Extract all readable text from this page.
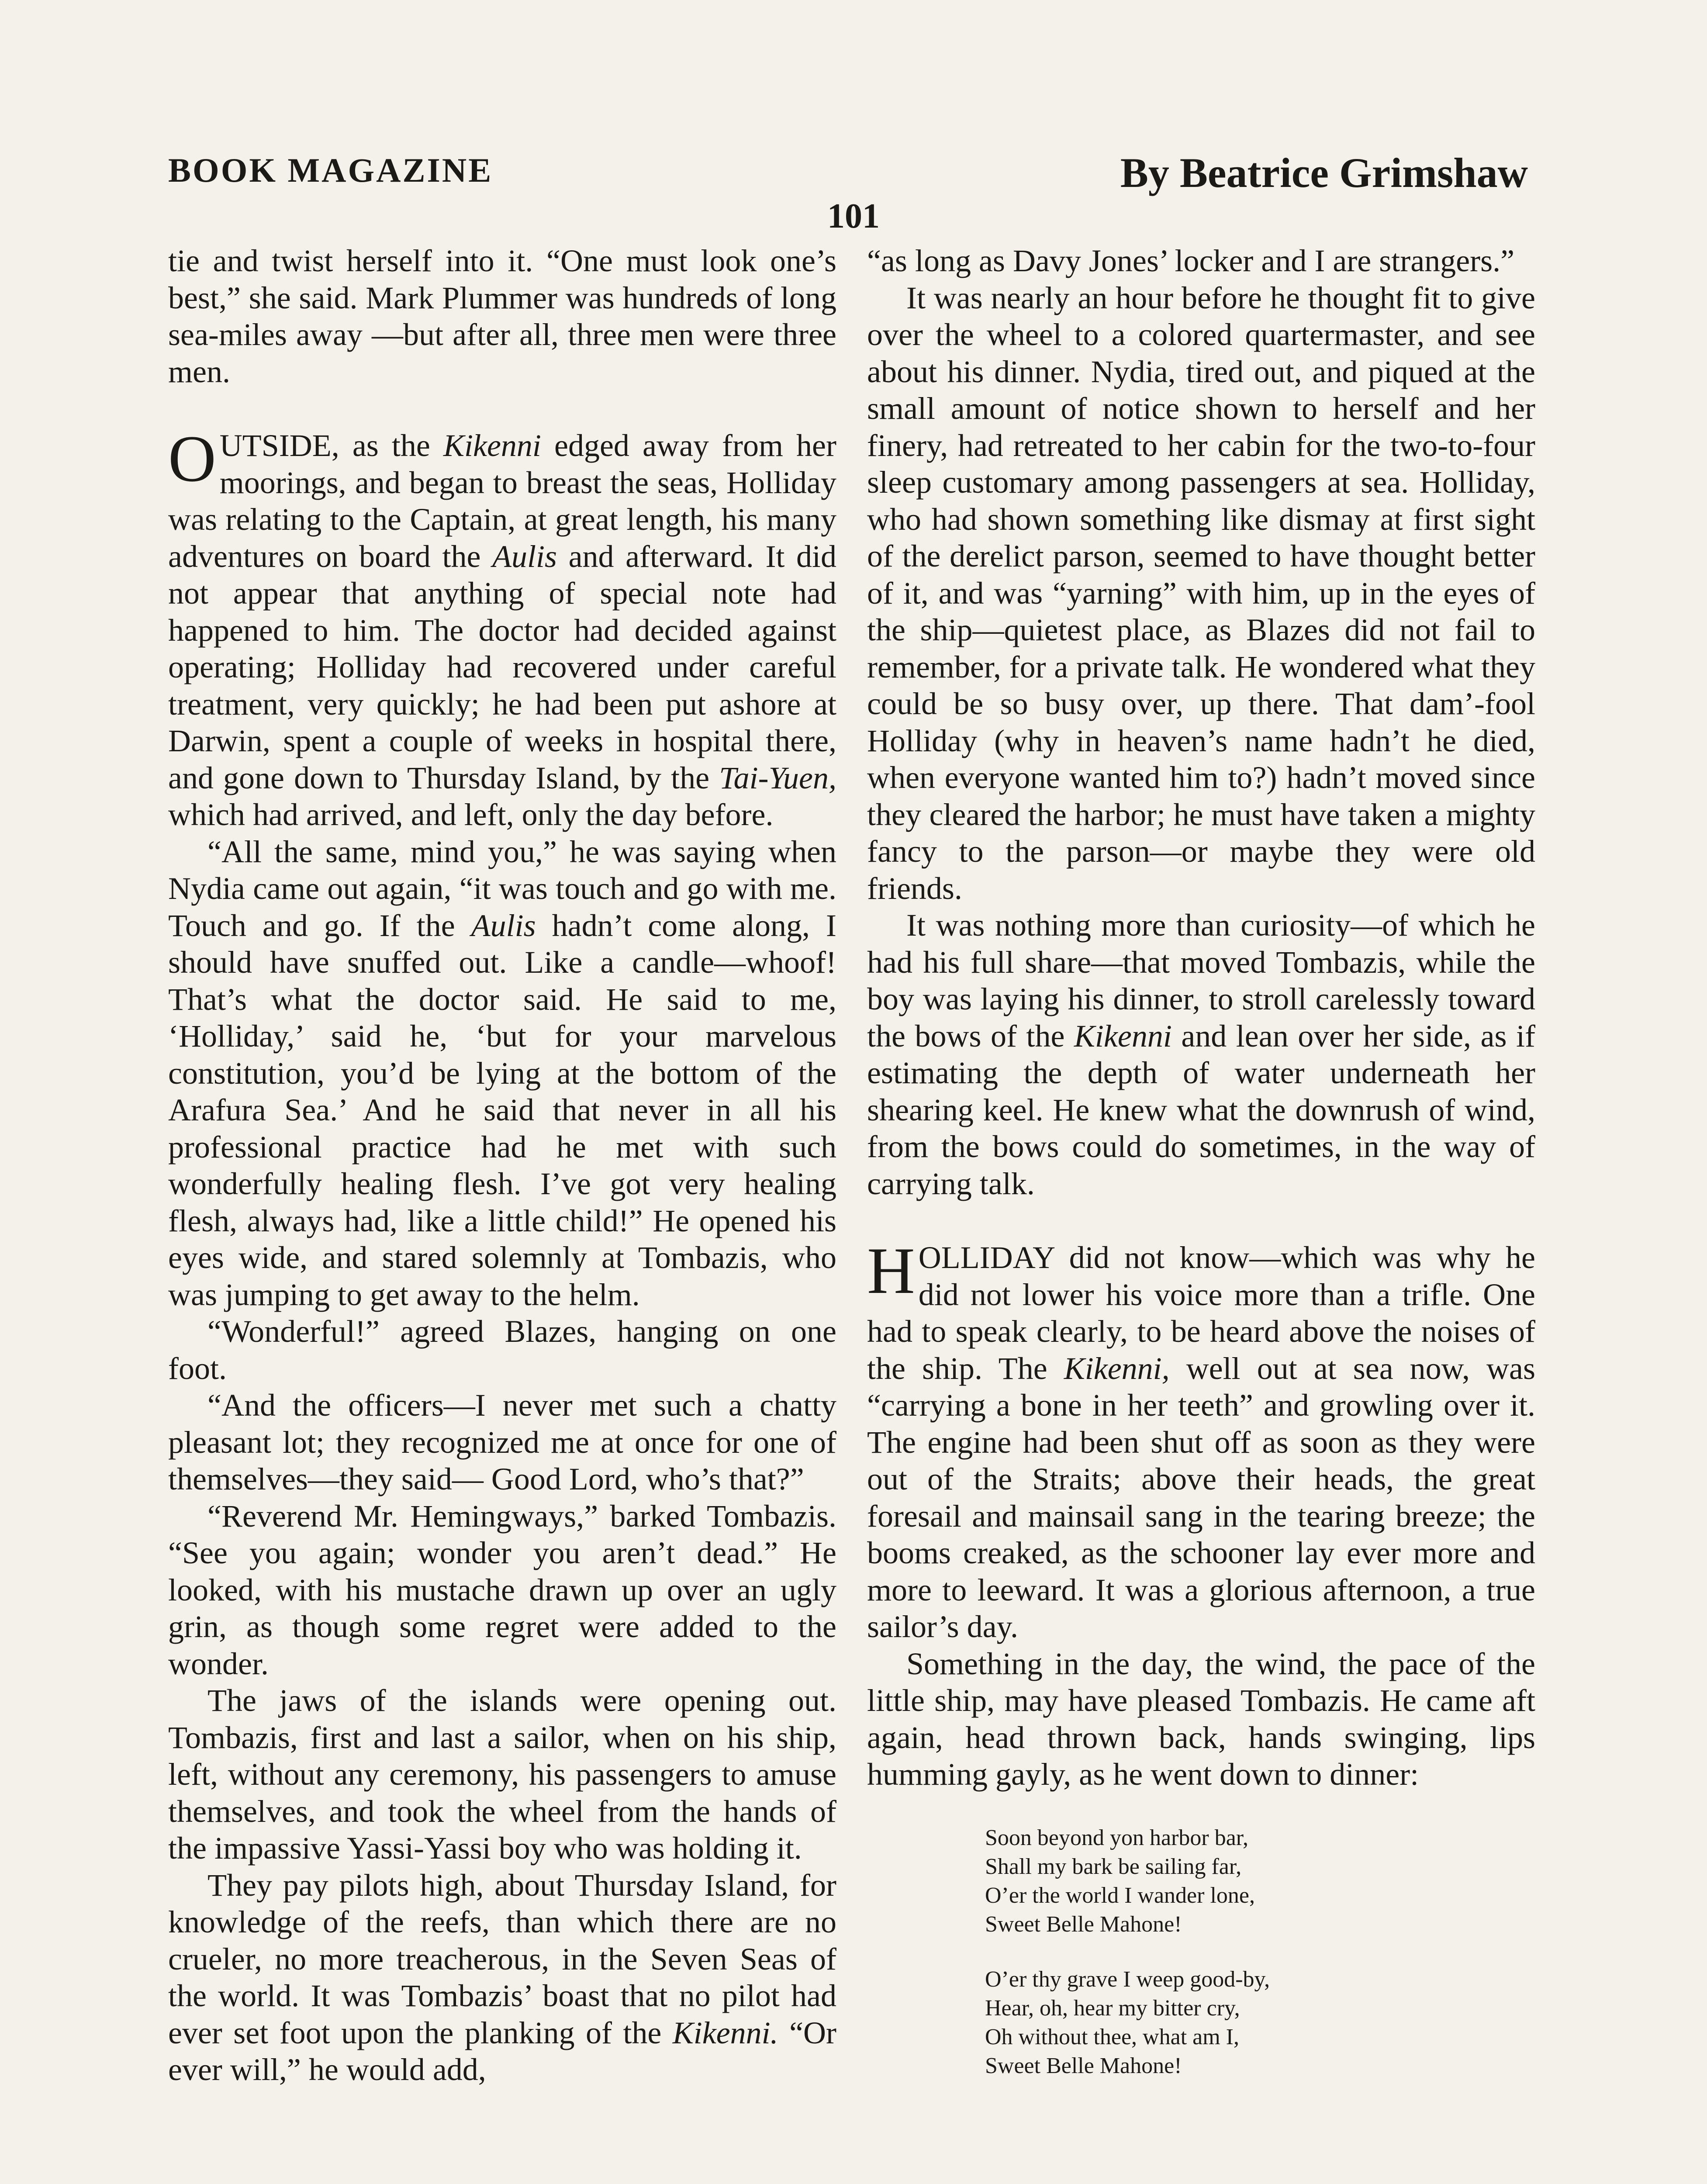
BOOK MAGAZINE	By Beatrice Grimshaw
101

tie and twist herself into it. “One must look one’s best,” she said. Mark Plummer was hundreds of long sea-miles away —but after all, three men were three men.

OUTSIDE, as the Kikenni edged away from her moorings, and began to breast the seas, Holliday was relating to the Captain, at great length, his many adventures on board the Aulis and afterward. It did not appear that anything of special note had happened to him. The doctor had decided against operating; Holliday had recovered under careful treatment, very quickly; he had been put ashore at Darwin, spent a couple of weeks in hospital there, and gone down to Thursday Island, by the Tai-Yuen, which had arrived, and left, only the day before.

“All the same, mind you,” he was saying when Nydia came out again, “it was touch and go with me. Touch and go. If the Aulis hadn’t come along, I should have snuffed out. Like a candle—whoof! That’s what the doctor said. He said to me, ‘Holliday,’ said he, ‘but for your marvelous constitution, you’d be lying at the bottom of the Arafura Sea.’ And he said that never in all his professional practice had he met with such wonderfully healing flesh. I’ve got very healing flesh, always had, like a little child!” He opened his eyes wide, and stared solemnly at Tombazis, who was jumping to get away to the helm.

“Wonderful!” agreed Blazes, hanging on one foot.

“And the officers—I never met such a chatty pleasant lot; they recognized me at once for one of themselves—they said— Good Lord, who’s that?”

“Reverend Mr. Hemingways,” barked Tombazis. “See you again; wonder you aren’t dead.” He looked, with his mustache drawn up over an ugly grin, as though some regret were added to the wonder.

The jaws of the islands were opening out. Tombazis, first and last a sailor, when on his ship, left, without any ceremony, his passengers to amuse themselves, and took the wheel from the hands of the impassive Yassi-Yassi boy who was holding it.

They pay pilots high, about Thursday Island, for knowledge of the reefs, than which there are no crueler, no more treacherous, in the Seven Seas of the world. It was Tombazis’ boast that no pilot had ever set foot upon the planking of the Kikenni. “Or ever will,” he would add,

“as long as Davy Jones’ locker and I are strangers.”

It was nearly an hour before he thought fit to give over the wheel to a colored quartermaster, and see about his dinner. Nydia, tired out, and piqued at the small amount of notice shown to herself and her finery, had retreated to her cabin for the two-to-four sleep customary among passengers at sea. Holliday, who had shown something like dismay at first sight of the derelict parson, seemed to have thought better of it, and was “yarning” with him, up in the eyes of the ship—quietest place, as Blazes did not fail to remember, for a private talk. He wondered what they could be so busy over, up there. That dam’-fool Holliday (why in heaven’s name hadn’t he died, when everyone wanted him to?) hadn’t moved since they cleared the harbor; he must have taken a mighty fancy to the parson—or maybe they were old friends.

It was nothing more than curiosity—of which he had his full share—that moved Tombazis, while the boy was laying his dinner, to stroll carelessly toward the bows of the Kikenni and lean over her side, as if estimating the depth of water underneath her shearing keel. He knew what the downrush of wind, from the bows could do sometimes, in the way of carrying talk.

HOLLIDAY did not know—which was why he did not lower his voice more than a trifle. One had to speak clearly, to be heard above the noises of the ship. The Kikenni, well out at sea now, was “carrying a bone in her teeth” and growling over it. The engine had been shut off as soon as they were out of the Straits; above their heads, the great foresail and mainsail sang in the tearing breeze; the booms creaked, as the schooner lay ever more and more to leeward. It was a glorious afternoon, a true sailor’s day.

Something in the day, the wind, the pace of the little ship, may have pleased Tombazis. He came aft again, head thrown back, hands swinging, lips humming gayly, as he went down to dinner:

Soon beyond yon harbor bar,
Shall my bark be sailing far,
O’er the world I wander lone,
Sweet Belle Mahone!
O’er thy grave I weep good-by,
Hear, oh, hear my bitter cry,
Oh without thee, what am I,
Sweet Belle Mahone!
